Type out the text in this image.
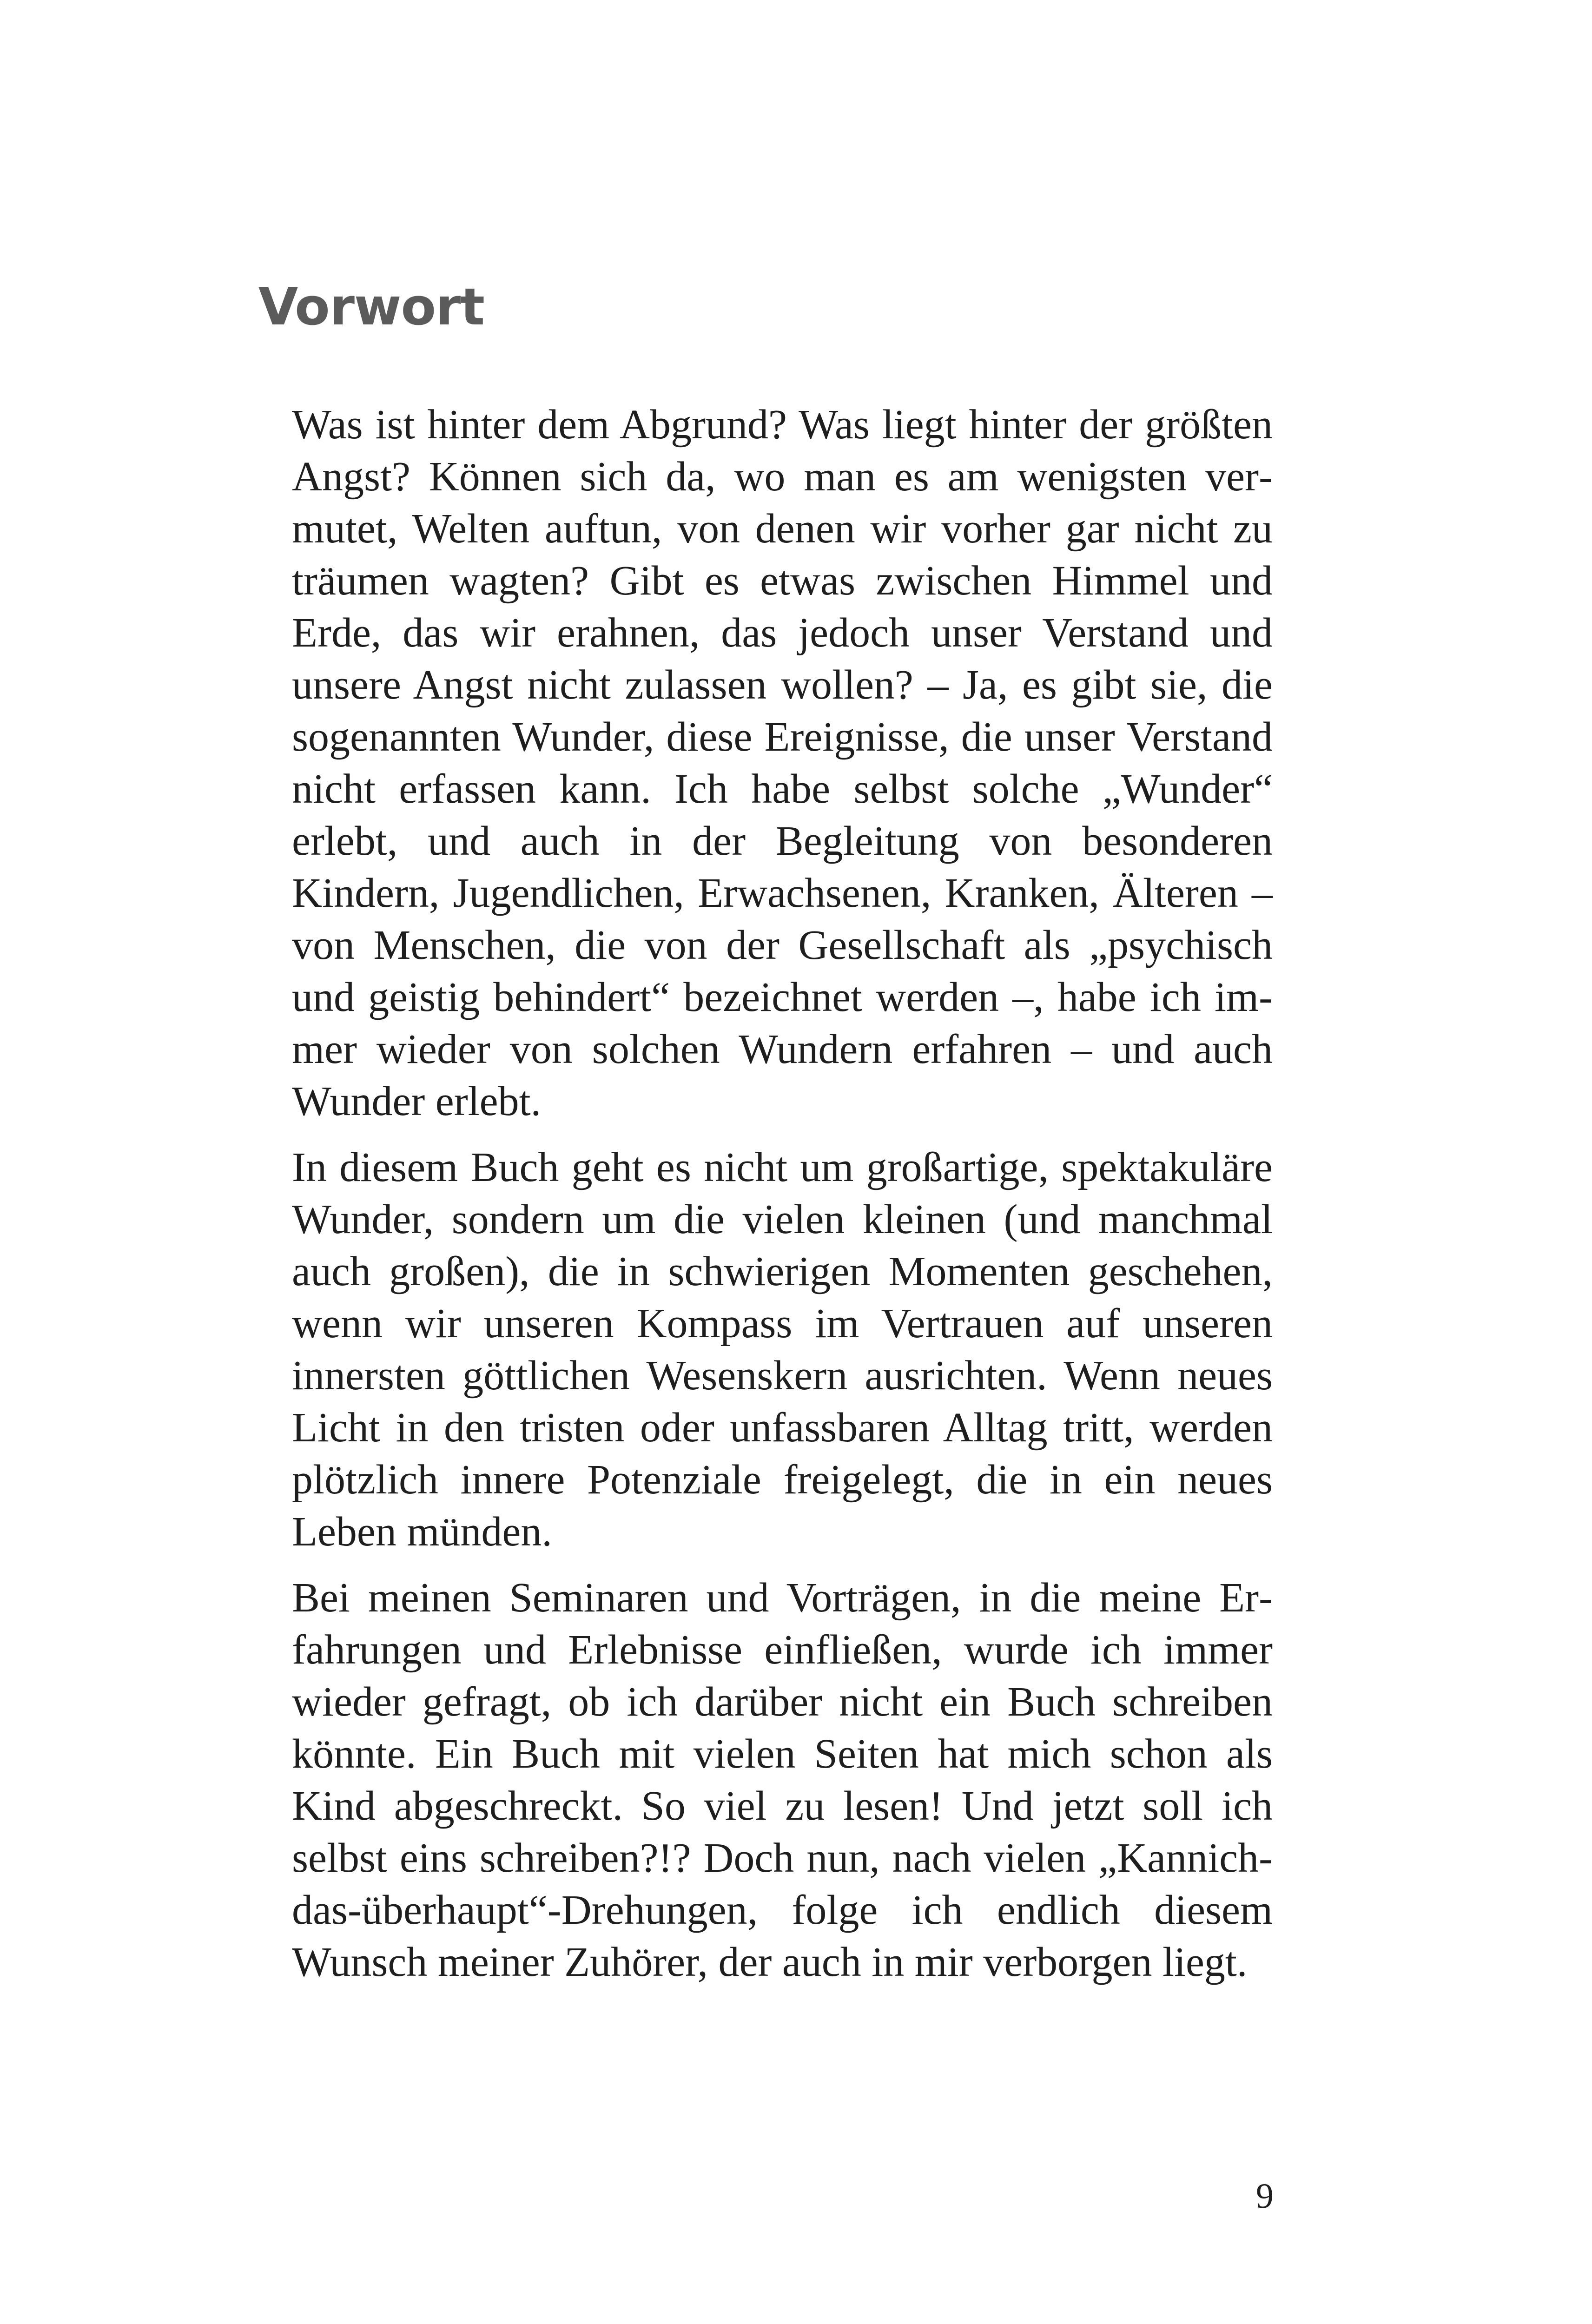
Vorwort

Was ist hinter dem Abgrund? Was liegt hinter der größten Angst? Können sich da, wo man es am wenigsten vermutet, Welten auftun, von denen wir vorher gar nicht zu träumen wagten? Gibt es etwas zwischen Himmel und Erde, das wir erahnen, das jedoch unser Verstand und unsere Angst nicht zulassen wollen? – Ja, es gibt sie, die sogenannten Wunder, diese Ereignisse, die unser Verstand nicht erfassen kann. Ich habe selbst solche „Wunder“ erlebt, und auch in der Begleitung von besonderen Kindern, Jugendlichen, Erwachsenen, Kranken, Älteren – von Menschen, die von der Gesellschaft als „psychisch und geistig behindert“ bezeichnet werden –, habe ich immer wieder von solchen Wundern erfahren – und auch Wunder erlebt.

In diesem Buch geht es nicht um großartige, spektakuläre Wunder, sondern um die vielen kleinen (und manchmal auch großen), die in schwierigen Momenten geschehen, wenn wir unseren Kompass im Vertrauen auf unseren innersten göttlichen Wesenskern ausrichten. Wenn neues Licht in den tristen oder unfassbaren Alltag tritt, werden plötzlich innere Potenziale freigelegt, die in ein neues Leben münden.

Bei meinen Seminaren und Vorträgen, in die meine Erfahrungen und Erlebnisse einfließen, wurde ich immer wieder gefragt, ob ich darüber nicht ein Buch schreiben könnte. Ein Buch mit vielen Seiten hat mich schon als Kind abgeschreckt. So viel zu lesen! Und jetzt soll ich selbst eins schreiben?!? Doch nun, nach vielen „Kannich-das-überhaupt“-Drehungen, folge ich endlich diesem Wunsch meiner Zuhörer, der auch in mir verborgen liegt.

9
